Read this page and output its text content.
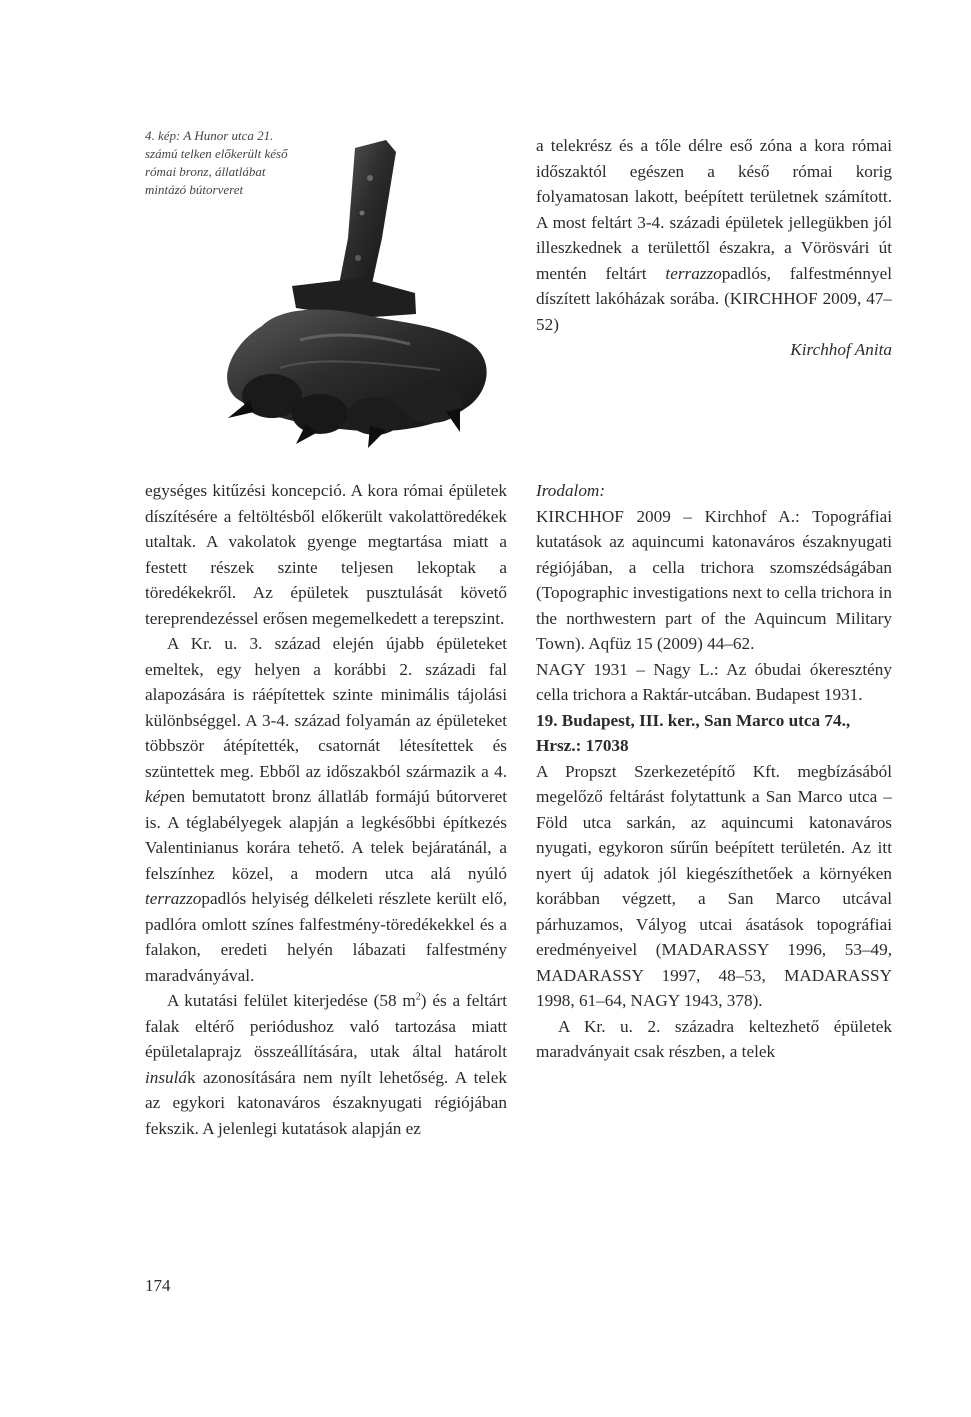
4. kép: A Hunor utca 21.
számú telken előkerült késő
római bronz, állatlábat
mintázó bútorveret

a telekrész és a tőle délre eső zóna a kora római időszaktól egészen a késő római korig folyamatosan lakott, beépített területnek számított. A most feltárt 3-4. századi épületek jellegükben jól illeszkednek a területtől északra, a Vörösvári út mentén feltárt terrazzopadlós, falfestménnyel díszített lakóházak sorába. (KIRCHHOF 2009, 47–52)

Kirchhof Anita

egységes kitűzési koncepció. A kora római épületek díszítésére a feltöltésből előkerült vakolattöredékek utaltak. A vakolatok gyenge megtartása miatt a festett részek szinte teljesen lekoptak a töredékekről. Az épületek pusztulását követő tereprendezéssel erősen megemelkedett a terepszint.

A Kr. u. 3. század elején újabb épületeket emeltek, egy helyen a korábbi 2. századi fal alapozására is ráépítettek szinte minimális tájolási különbséggel. A 3-4. század folyamán az épületeket többször átépítették, csatornát létesítettek és szüntettek meg. Ebből az időszakból származik a 4. képen bemutatott bronz állatláb formájú bútorveret is. A téglabélyegek alapján a legkésőbbi építkezés Valentinianus korára tehető. A telek bejáratánál, a felszínhez közel, a modern utca alá nyúló terrazzopadlós helyiség délkeleti részlete került elő, padlóra omlott színes falfestmény-töredékekkel és a falakon, eredeti helyén lábazati falfestmény maradványával.

A kutatási felület kiterjedése (58 $m^2$) és a feltárt falak eltérő periódushoz való tartozása miatt épületalaprajz összeállítására, utak által határolt insulák azonosítására nem nyílt lehetőség. A telek az egykori katonaváros északnyugati régiójában fekszik. A jelenlegi kutatások alapján ez

Irodalom:

KIRCHHOF 2009 – Kirchhof A.: Topográfiai kutatások az aquincumi katonaváros északnyugati régiójában, a cella trichora szomszédságában (Topographic investigations next to cella trichora in the northwestern part of the Aquincum Military Town). Aqfüz 15 (2009) 44–62.

NAGY 1931 – Nagy L.: Az óbudai ókeresztény cella trichora a Raktár-utcában. Budapest 1931.

19. Budapest, III. ker., San Marco utca 74., Hrsz.: 17038

A Propszt Szerkezetépítő Kft. megbízásából megelőző feltárást folytattunk a San Marco utca – Föld utca sarkán, az aquincumi katonaváros nyugati, egykoron sűrűn beépített területén. Az itt nyert új adatok jól kiegészíthetőek a környéken korábban végzett, a San Marco utcával párhuzamos, Vályog utcai ásatások topográfiai eredményeivel (MADARASSY 1996, 53–49, MADARASSY 1997, 48–53, MADARASSY 1998, 61–64, NAGY 1943, 378).

A Kr. u. 2. századra keltezhető épületek maradványait csak részben, a telek

174
